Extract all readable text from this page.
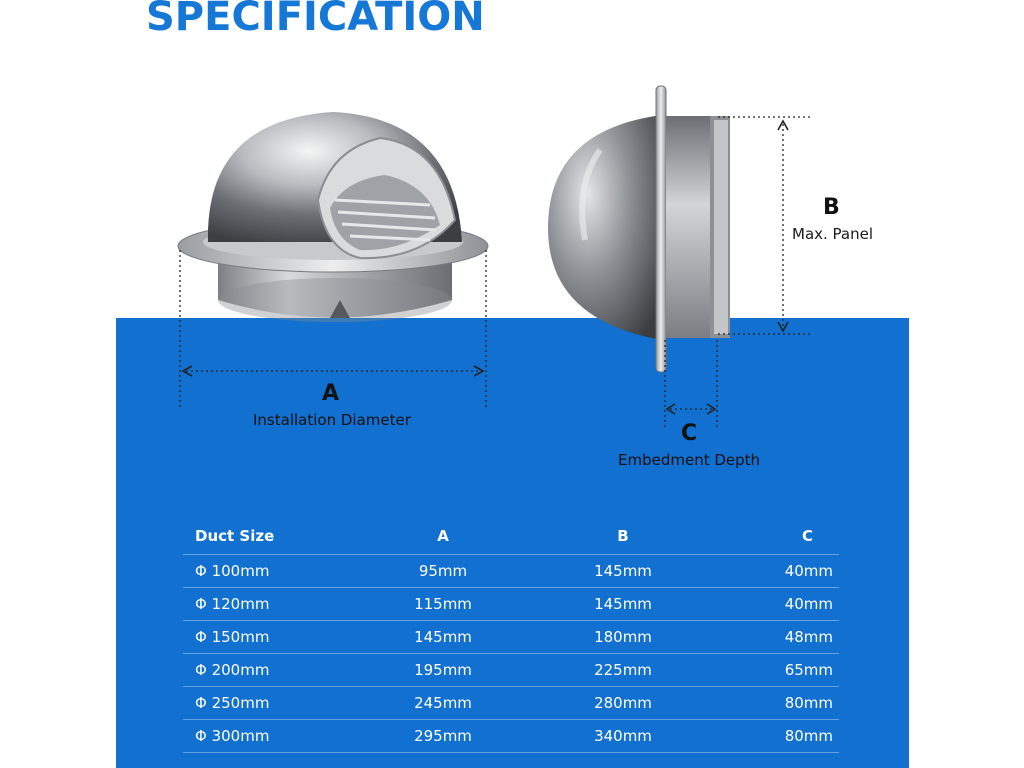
SPECIFICATION
A
Installation Diameter
B
Max. Panel
C
Embedment Depth
Duct Size	A	B	C
Φ 100mm	95mm	145mm	40mm
Φ 120mm	115mm	145mm	40mm
Φ 150mm	145mm	180mm	48mm
Φ 200mm	195mm	225mm	65mm
Φ 250mm	245mm	280mm	80mm
Φ 300mm	295mm	340mm	80mm
